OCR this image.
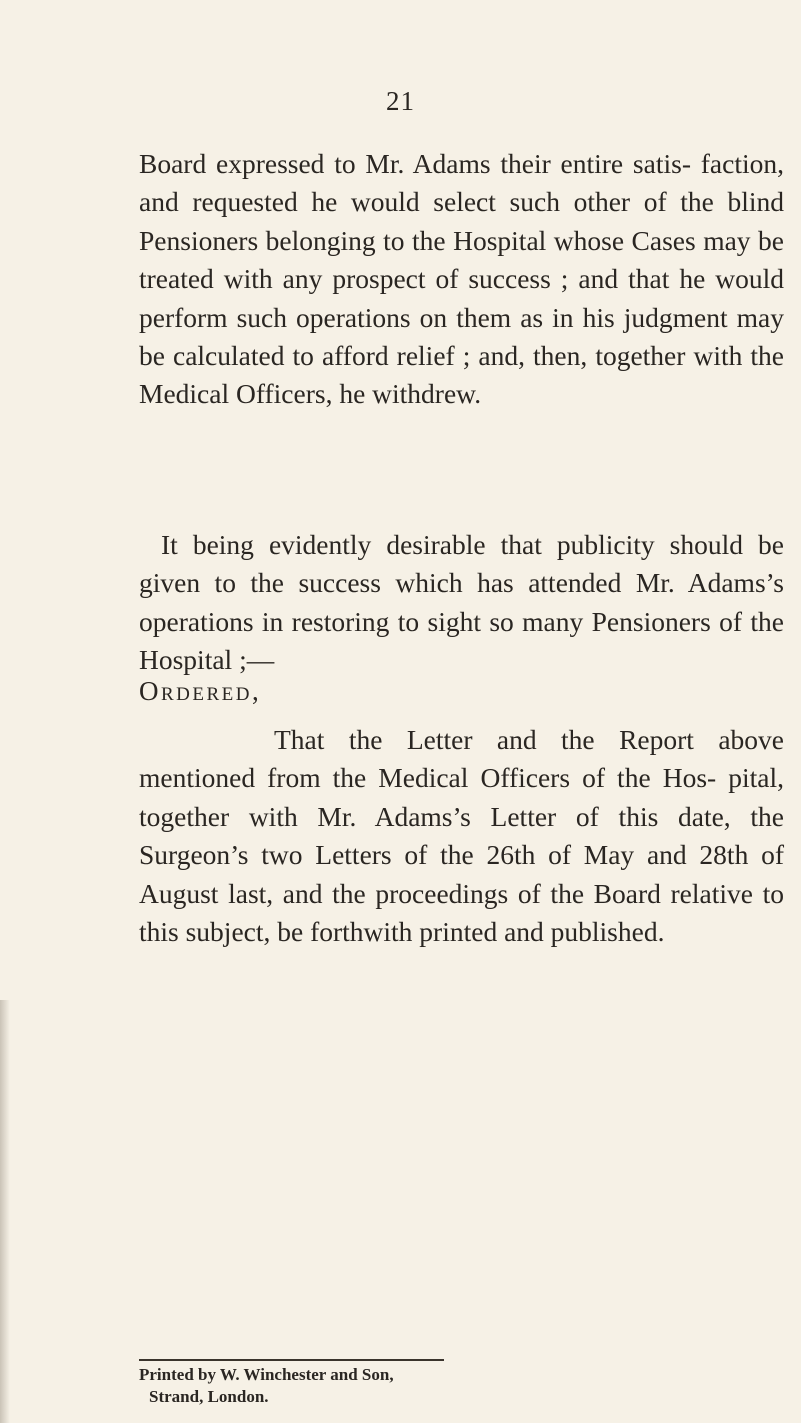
21
Board expressed to Mr. Adams their entire satis- faction, and requested he would select such other of the blind Pensioners belonging to the Hospital whose Cases may be treated with any prospect of success ; and that he would perform such operations on them as in his judgment may be calculated to afford relief ; and, then, together with the Medical Officers, he withdrew.
It being evidently desirable that publicity should be given to the success which has attended Mr. Adams’s operations in restoring to sight so many Pensioners of the Hospital ;—
Ordered,
That the Letter and the Report above mentioned from the Medical Officers of the Hos- pital, together with Mr. Adams’s Letter of this date, the Surgeon’s two Letters of the 26th of May and 28th of August last, and the proceedings of the Board relative to this subject, be forthwith printed and published.
Printed by W. Winchester and Son,
Strand, London.
